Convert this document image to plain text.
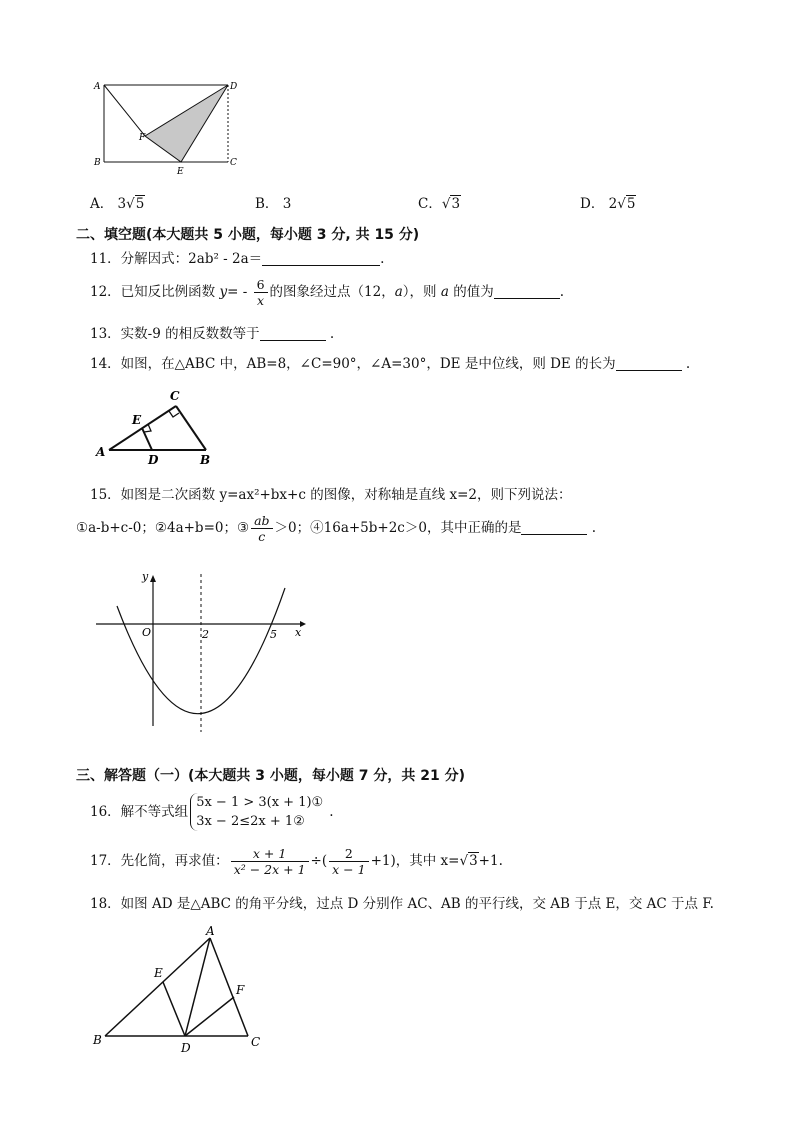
A
B	C
D
E
F
A． 3√5	B． 3	C．√3	D． 2√5
二、填空题(本大题共 5 小题，每小题 3 分, 共 15 分)
11．分解因式：2ab² - 2a＝	.
12．已知反比例函数 $y= - \frac{6}{x}$ 的图象经过点（12，a），则 a 的值为	.
13．实数-9 的相反数数等于	.
14．如图，在△ABC 中，AB=8，∠C=90°，∠A=30°，DE 是中位线，则 DE 的长为	.
A
B
C
D
E
15．如图是二次函数 y=ax²+bx+c 的图像，对称轴是直线 x=2，则下列说法：
①a-b+c-0；②4a+b=0；③ $\frac{ab}{c} >0$；④16a+5b+2c＞0，其中正确的是	.
y
x
O	2	5
三、解答题（一）(本大题共 3 小题，每小题 7 分，共 21 分)
16．解不等式组
5x − 1 > 3(x + 1)①
3x − 2≤2x + 1②
.
17．先化简，再求值： $\frac{x + 1}{\text{x² − 2x + 1}}$ ÷( $\frac{2}{x - 1} +1$)，其中 x=√3+1.
18．如图 AD 是△ABC 的角平分线，过点 D 分别作 AC、AB 的平行线，交 AB 于点 E，交 AC 于点 F.
A
B	C
D
E
F
